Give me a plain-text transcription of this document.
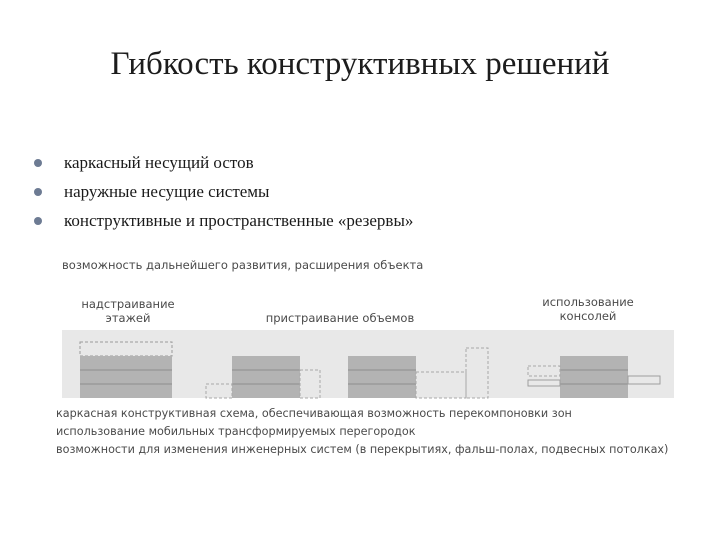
Гибкость конструктивных решений
каркасный несущий остов
наружные несущие системы
конструктивные и пространственные «резервы»
возможность дальнейшего развития, расширения объекта
надстраивание
этажей	пристраивание объемов
использование
консолей
каркасная конструктивная схема, обеспечивающая возможность перекомпоновки зон
использование мобильных трансформируемых перегородок
возможности для изменения инженерных систем (в перекрытиях, фальш-полах, подвесных потолках)
